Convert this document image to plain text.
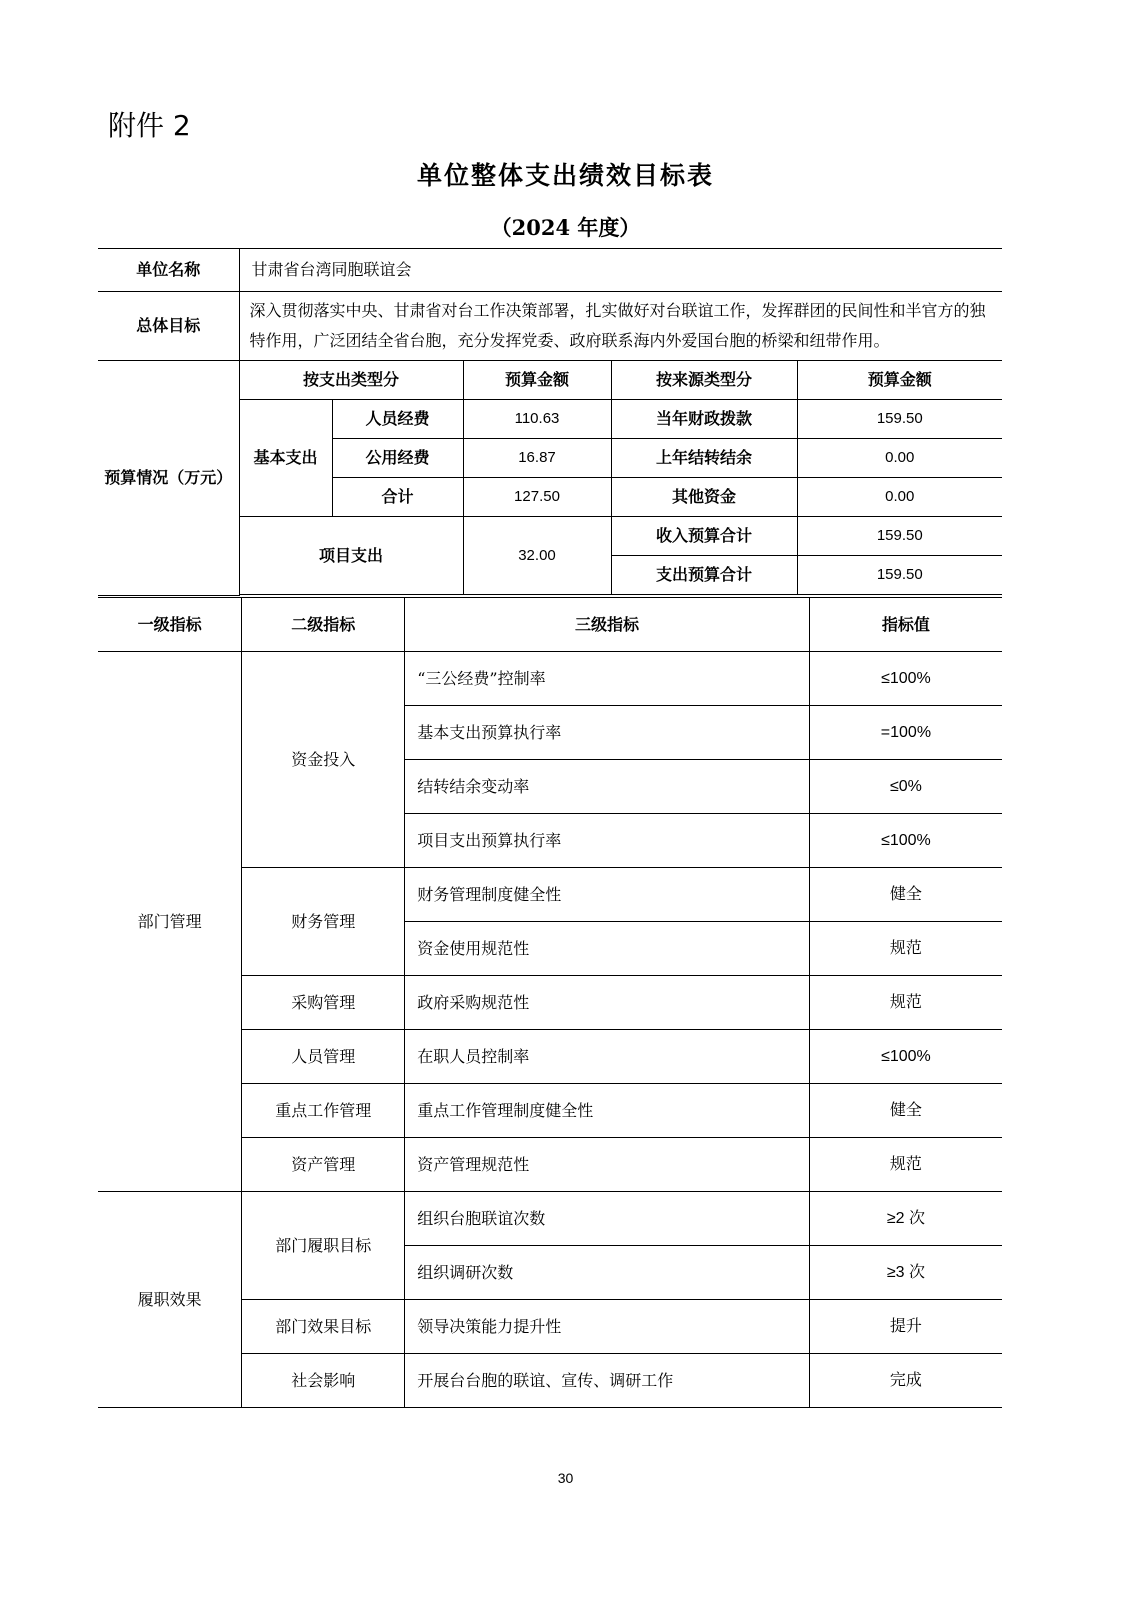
附件 2
单位整体支出绩效目标表
（2024 年度）
单位名称	甘肃省台湾同胞联谊会				
总体目标	深入贯彻落实中央、甘肃省对台工作决策部署，扎实做好对台联谊工作，发挥群团的民间性和半官方的独特作用，广泛团结全省台胞，充分发挥党委、政府联系海内外爱国台胞的桥梁和纽带作用。				
预算情况（万元）	按支出类型分		预算金额	按来源类型分	预算金额
	基本支出	人员经费	110.63	当年财政拨款	159.50
		公用经费	16.87	上年结转结余	0.00
		合计	127.50	其他资金	0.00
	项目支出		32.00	收入预算合计	159.50
				支出预算合计	159.50

一级指标	二级指标	三级指标	指标值
部门管理	资金投入	“三公经费”控制率	≤100%
		基本支出预算执行率	=100%
		结转结余变动率	≤0%
		项目支出预算执行率	≤100%
	财务管理	财务管理制度健全性	健全
		资金使用规范性	规范
	采购管理	政府采购规范性	规范
	人员管理	在职人员控制率	≤100%
	重点工作管理	重点工作管理制度健全性	健全
	资产管理	资产管理规范性	规范
履职效果	部门履职目标	组织台胞联谊次数	≥2 次
		组织调研次数	≥3 次
	部门效果目标	领导决策能力提升性	提升
	社会影响	开展台台胞的联谊、宣传、调研工作	完成
30
